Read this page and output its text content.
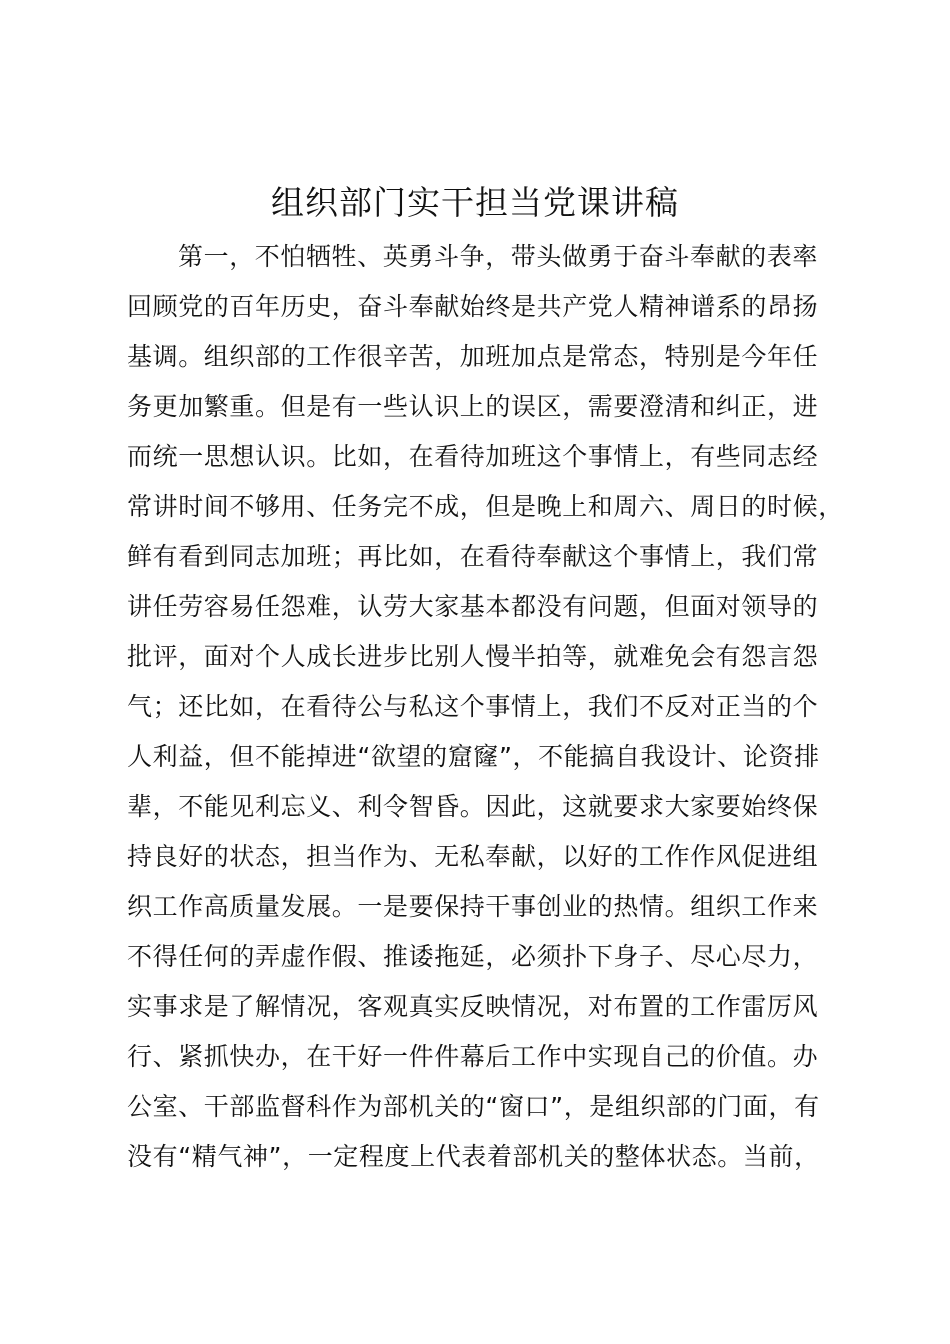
组织部门实干担当党课讲稿
第一，不怕牺牲、英勇斗争，带头做勇于奋斗奉献的表率
回顾党的百年历史，奋斗奉献始终是共产党人精神谱系的昂扬
基调。组织部的工作很辛苦，加班加点是常态，特别是今年任
务更加繁重。但是有一些认识上的误区，需要澄清和纠正，进
而统一思想认识。比如，在看待加班这个事情上，有些同志经
常讲时间不够用、任务完不成，但是晚上和周六、周日的时候，
鲜有看到同志加班；再比如，在看待奉献这个事情上，我们常
讲任劳容易任怨难，认劳大家基本都没有问题，但面对领导的
批评，面对个人成长进步比别人慢半拍等，就难免会有怨言怨
气；还比如，在看待公与私这个事情上，我们不反对正当的个
人利益，但不能掉进“欲望的窟窿”，不能搞自我设计、论资排
辈，不能见利忘义、利令智昏。因此，这就要求大家要始终保
持良好的状态，担当作为、无私奉献，以好的工作作风促进组
织工作高质量发展。一是要保持干事创业的热情。组织工作来
不得任何的弄虚作假、推诿拖延，必须扑下身子、尽心尽力，
实事求是了解情况，客观真实反映情况，对布置的工作雷厉风
行、紧抓快办，在干好一件件幕后工作中实现自己的价值。办
公室、干部监督科作为部机关的“窗口”，是组织部的门面，有
没有“精气神”，一定程度上代表着部机关的整体状态。当前，
